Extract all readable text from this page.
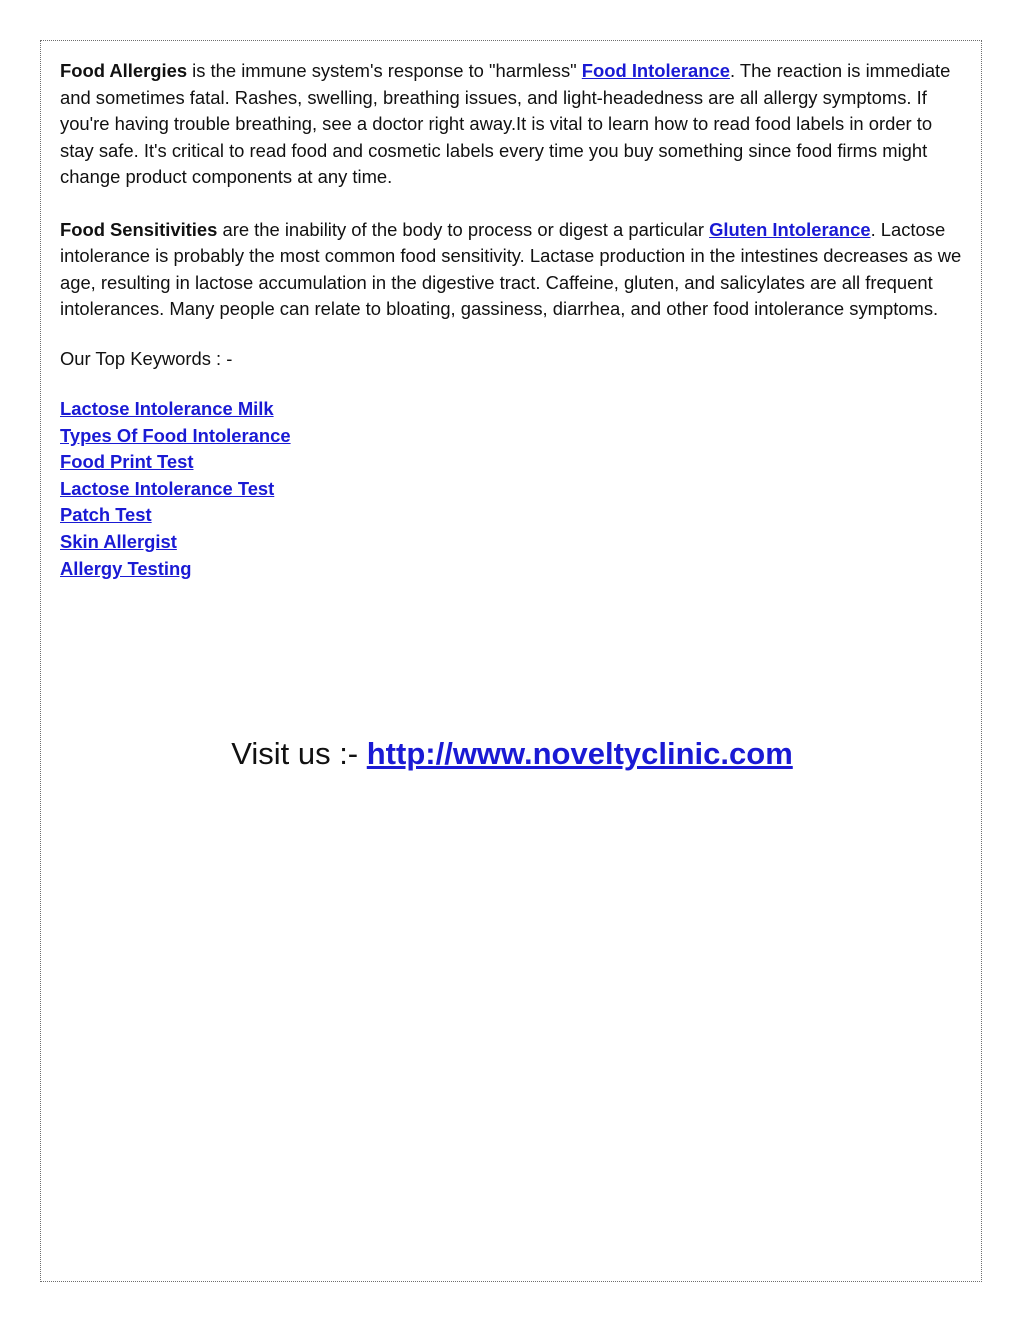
Food Allergies is the immune system's response to "harmless" Food Intolerance. The reaction is immediate and sometimes fatal. Rashes, swelling, breathing issues, and light-headedness are all allergy symptoms. If you're having trouble breathing, see a doctor right away.It is vital to learn how to read food labels in order to stay safe. It's critical to read food and cosmetic labels every time you buy something since food firms might change product components at any time.

Food Sensitivities are the inability of the body to process or digest a particular Gluten Intolerance. Lactose intolerance is probably the most common food sensitivity. Lactase production in the intestines decreases as we age, resulting in lactose accumulation in the digestive tract. Caffeine, gluten, and salicylates are all frequent intolerances. Many people can relate to bloating, gassiness, diarrhea, and other food intolerance symptoms.

Our Top Keywords : -

Lactose Intolerance Milk
Types Of Food Intolerance
Food Print Test
Lactose Intolerance Test
Patch Test
Skin Allergist
Allergy Testing
Visit us :- http://www.noveltyclinic.com
